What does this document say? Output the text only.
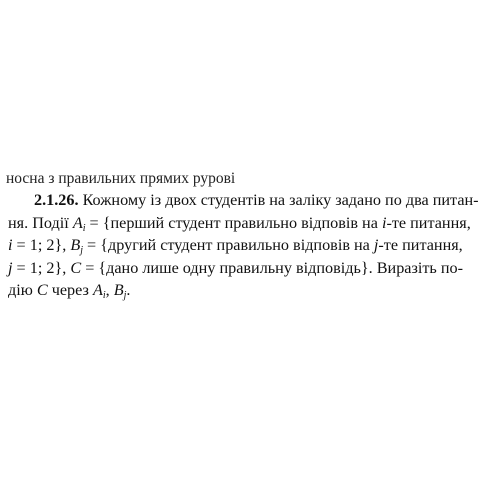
носна з правильних прямих рурові
2.1.26. Кожному із двох студентів на заліку задано по два питан-
ня. Події $A_i$ = {перший студент правильно відповів на i-те питання,
i = 1; 2}, $B_j$ = {другий студент правильно відповів на j-те питання,
j = 1; 2}, C = {дано лише одну правильну відповідь}. Виразіть по-
дію C через $A_i$, $B_j$.
